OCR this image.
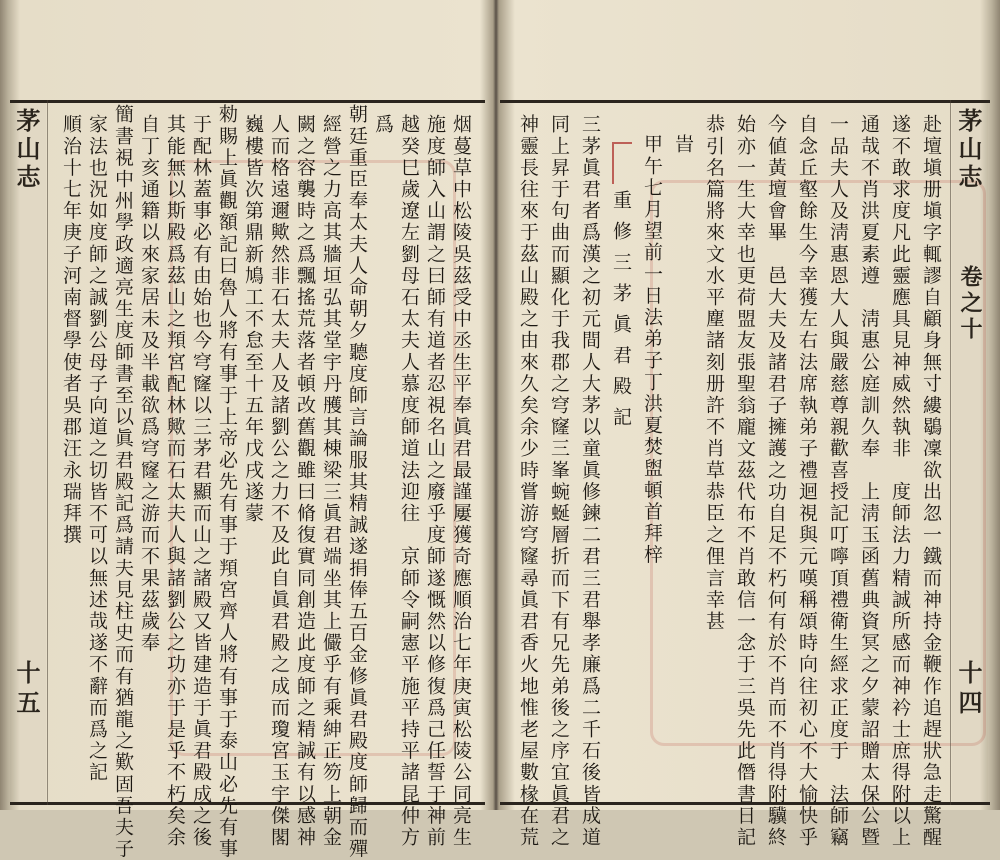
茅山志
卷之十
十四
赴壇塡册塡字輒謬自顧身無寸縷鶡凜欲出忽一鐵而神持金鞭作追趕狀急走驚醒
遂不敢求度凡此靈應具見神威然執非　度師法力精誠所感而神衿士庶得附以上
通哉不肖洪夏素遵　淸惠公庭訓久奉　上淸玉函舊典資冥之夕蒙詔贈太保公暨
一品夫人及淸惠恩大人與嚴慈尊親歡喜授記叮嚀頂禮衛生經求正度于　法師竊
自念丘壑餘生今幸獲左右法席執弟子禮迴視與元嘆稱頌時向往初心不大愉快乎
今値黃壇會畢　邑大夫及諸君子擁護之功自足不朽何有於不肖而不肖得附驥終
始亦一生大幸也更荷盟友張聖翁龐文茲代布不肖敢信一念于三吳先此僭書日記
恭引名篇將來文水平塵諸刻册許不肖草恭臣之俚言幸甚
旹
甲午七月望前一日法弟子丁洪夏焚盥頓首拜梓
重修三茅眞君殿記
三茅眞君者爲漢之初元間人大茅以童眞修鍊二君三君舉孝廉爲二千石後皆成道
同上昇于句曲而顯化于我郡之穹窿三峯蜿蜒層折而下有兄先弟後之序宜眞君之
神靈長往來于茲山殿之由來久矣余少時嘗游穹窿尋眞君香火地惟老屋數椽在荒
茅山志
十五	烟蔓草中松陵吳茲受中丞生平奉眞君最謹屢獲奇應順治七年庚寅松陵公同亮生
施度師入山謂之曰師有道者忍視名山之廢乎度師遂慨然以修復爲己任誓于神前
越癸巳歲遼左劉母石太夫人慕度師道法迎往　京師令嗣憲平施平持平諸昆仲方
爲
朝廷重臣奉太夫人命朝夕聽度師言論服其精誠遂捐俸五百金修眞君殿度師歸而殫
經營之力高其牆垣弘其堂宇丹雘其棟梁三眞君端坐其上儼乎有乘紳正笏上朝金
闕之容襲時之爲飄搖荒落者頓改舊觀雖曰脩復實同創造此度師之精誠有以感神
人而格遠邇歟然非石太夫人及諸劉公之力不及此自眞君殿之成而瓊宮玉宇傑閣
巍樓皆次第鼎新鳩工不怠至十五年戊戌遂蒙
勑賜上眞觀額記曰魯人將有事于上帝必先有事于頖宮齊人將有事于泰山必先有事
于配林蓋事必有由始也今穹窿以三茅君顯而山之諸殿又皆建造于眞君殿成之後
其能無以斯殿爲茲山之頖宮配林歟而石太夫人與諸劉公之功亦于是乎不朽矣余
自丁亥通籍以來家居未及半載欲爲穹窿之游而不果茲歲奉
簡書視中州學政適亮生度師書至以眞君殿記爲請夫見柱史而有猶龍之歎固吾夫子
家法也況如度師之誠劉公母子向道之切皆不可以無述哉遂不辭而爲之記
順治十七年庚子河南督學使者吳郡汪永瑞拜撰
